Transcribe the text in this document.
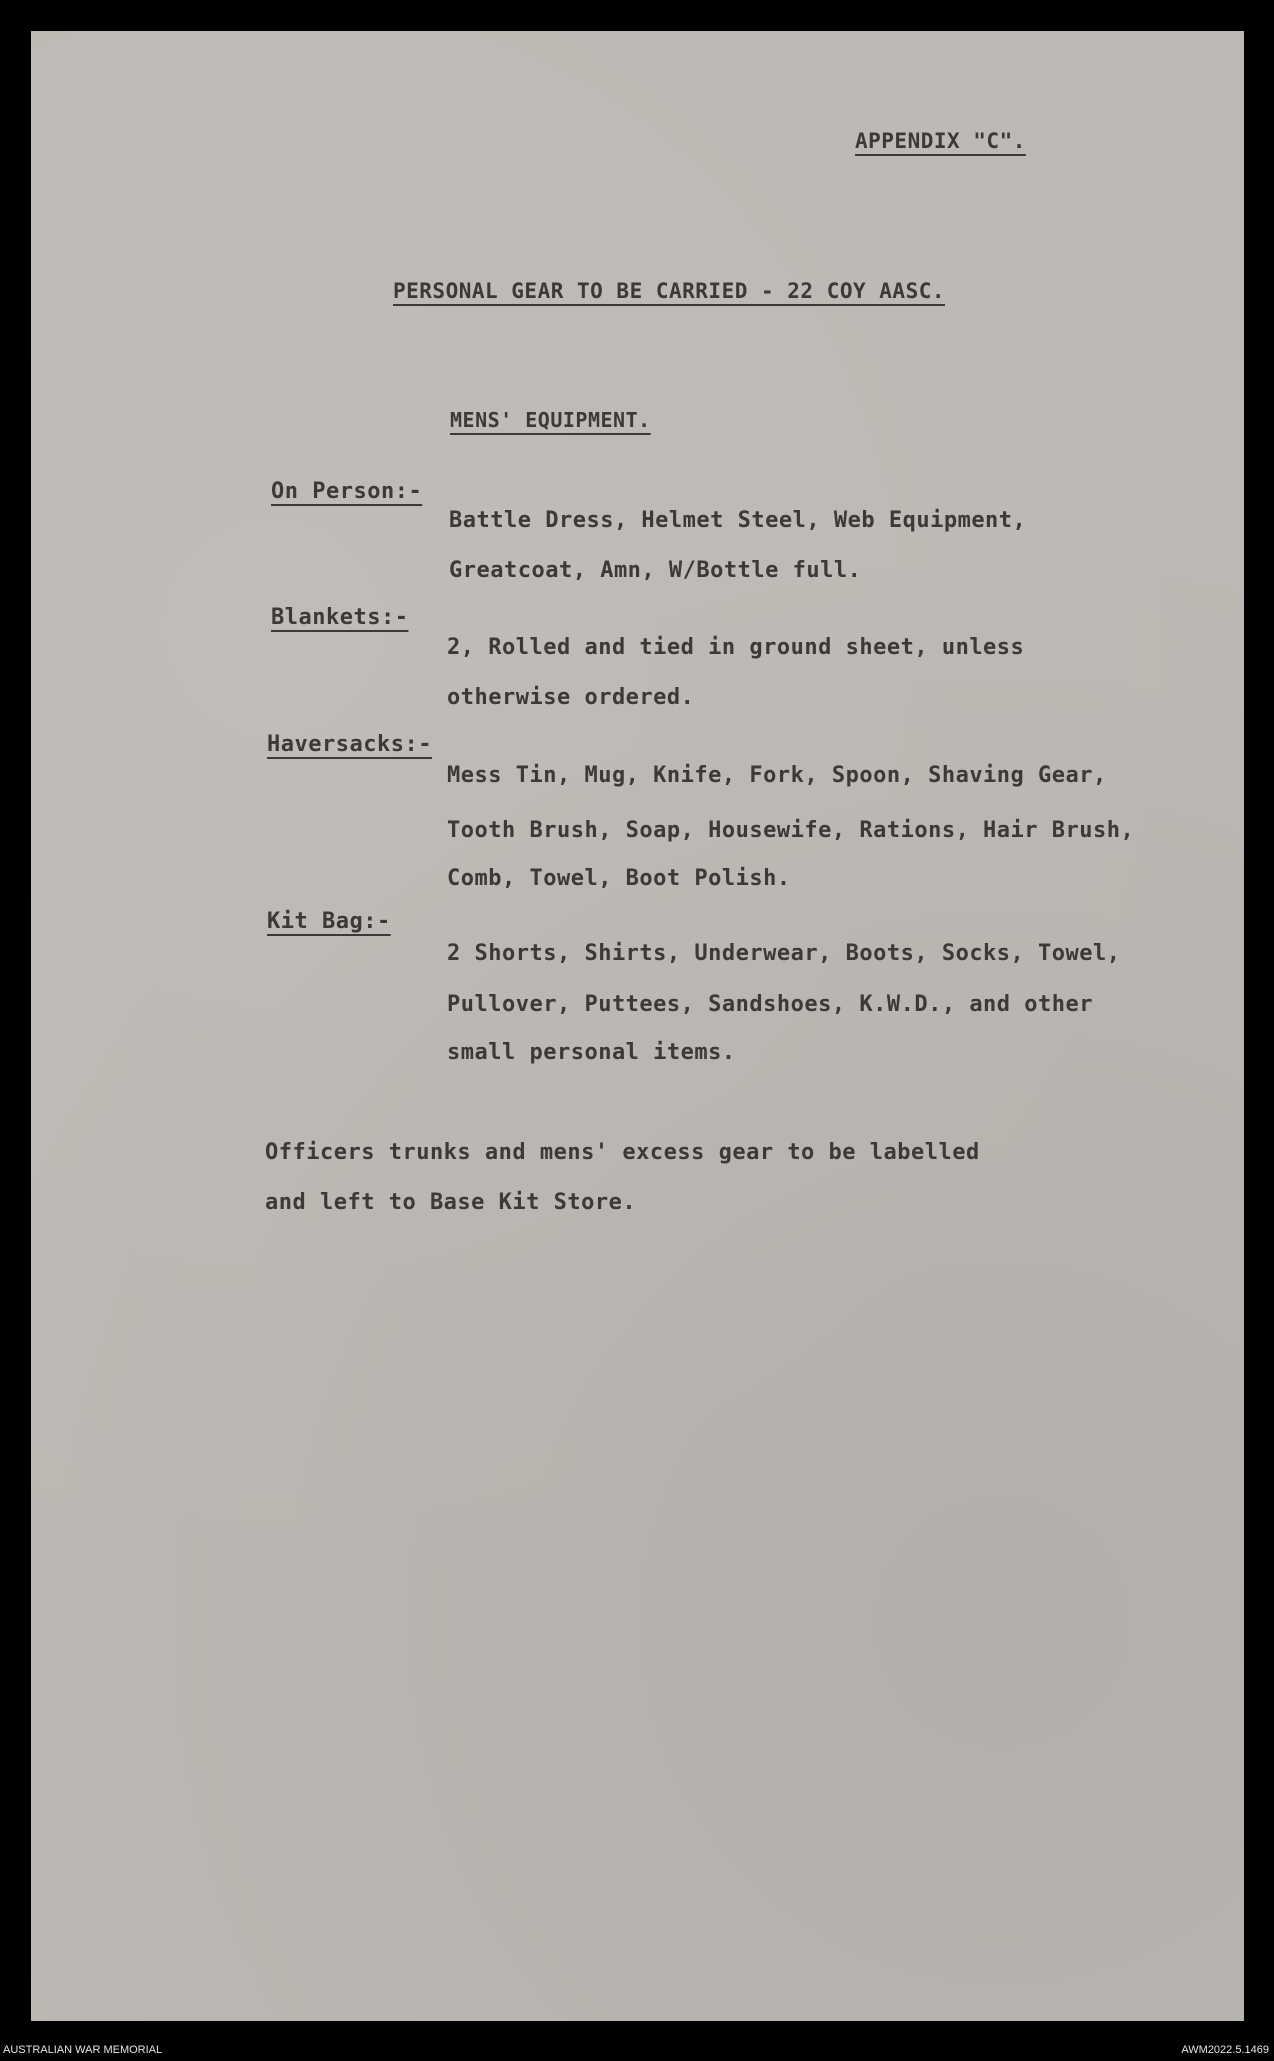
APPENDIX "C".

PERSONAL GEAR TO BE CARRIED - 22 COY AASC.

MENS' EQUIPMENT.

On Person:-

Battle Dress, Helmet Steel, Web Equipment,

Greatcoat, Amn, W/Bottle full.

Blankets:-

2, Rolled and tied in ground sheet, unless

otherwise ordered.

Haversacks:-

Mess Tin, Mug, Knife, Fork, Spoon, Shaving Gear,

Tooth Brush, Soap, Housewife, Rations, Hair Brush,

Comb, Towel, Boot Polish.

Kit Bag:-

2 Shorts, Shirts, Underwear, Boots, Socks, Towel,

Pullover, Puttees, Sandshoes, K.W.D., and other

small personal items.

Officers trunks and mens' excess gear to be labelled

and left to Base Kit Store.

AUSTRALIAN WAR MEMORIAL	AWM2022.5.1469
